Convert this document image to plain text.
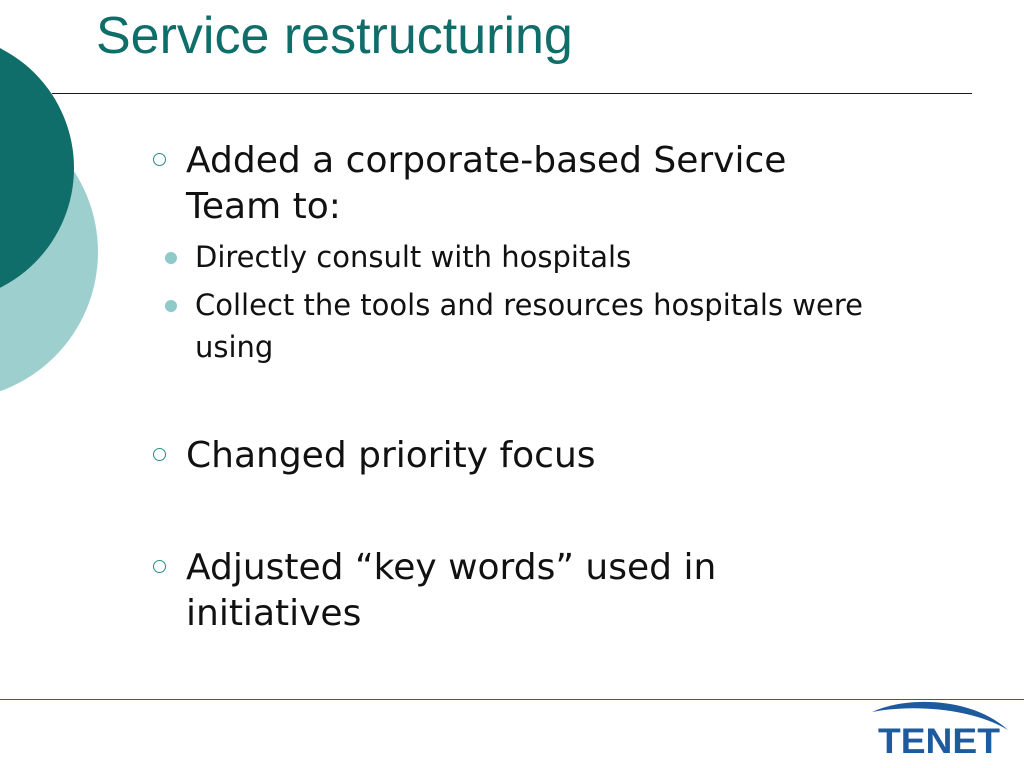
Service restructuring
Added a corporate-based Service Team to:
Directly consult with hospitals
Collect the tools and resources hospitals were using
Changed priority focus
Adjusted “key words” used in initiatives
TENET
